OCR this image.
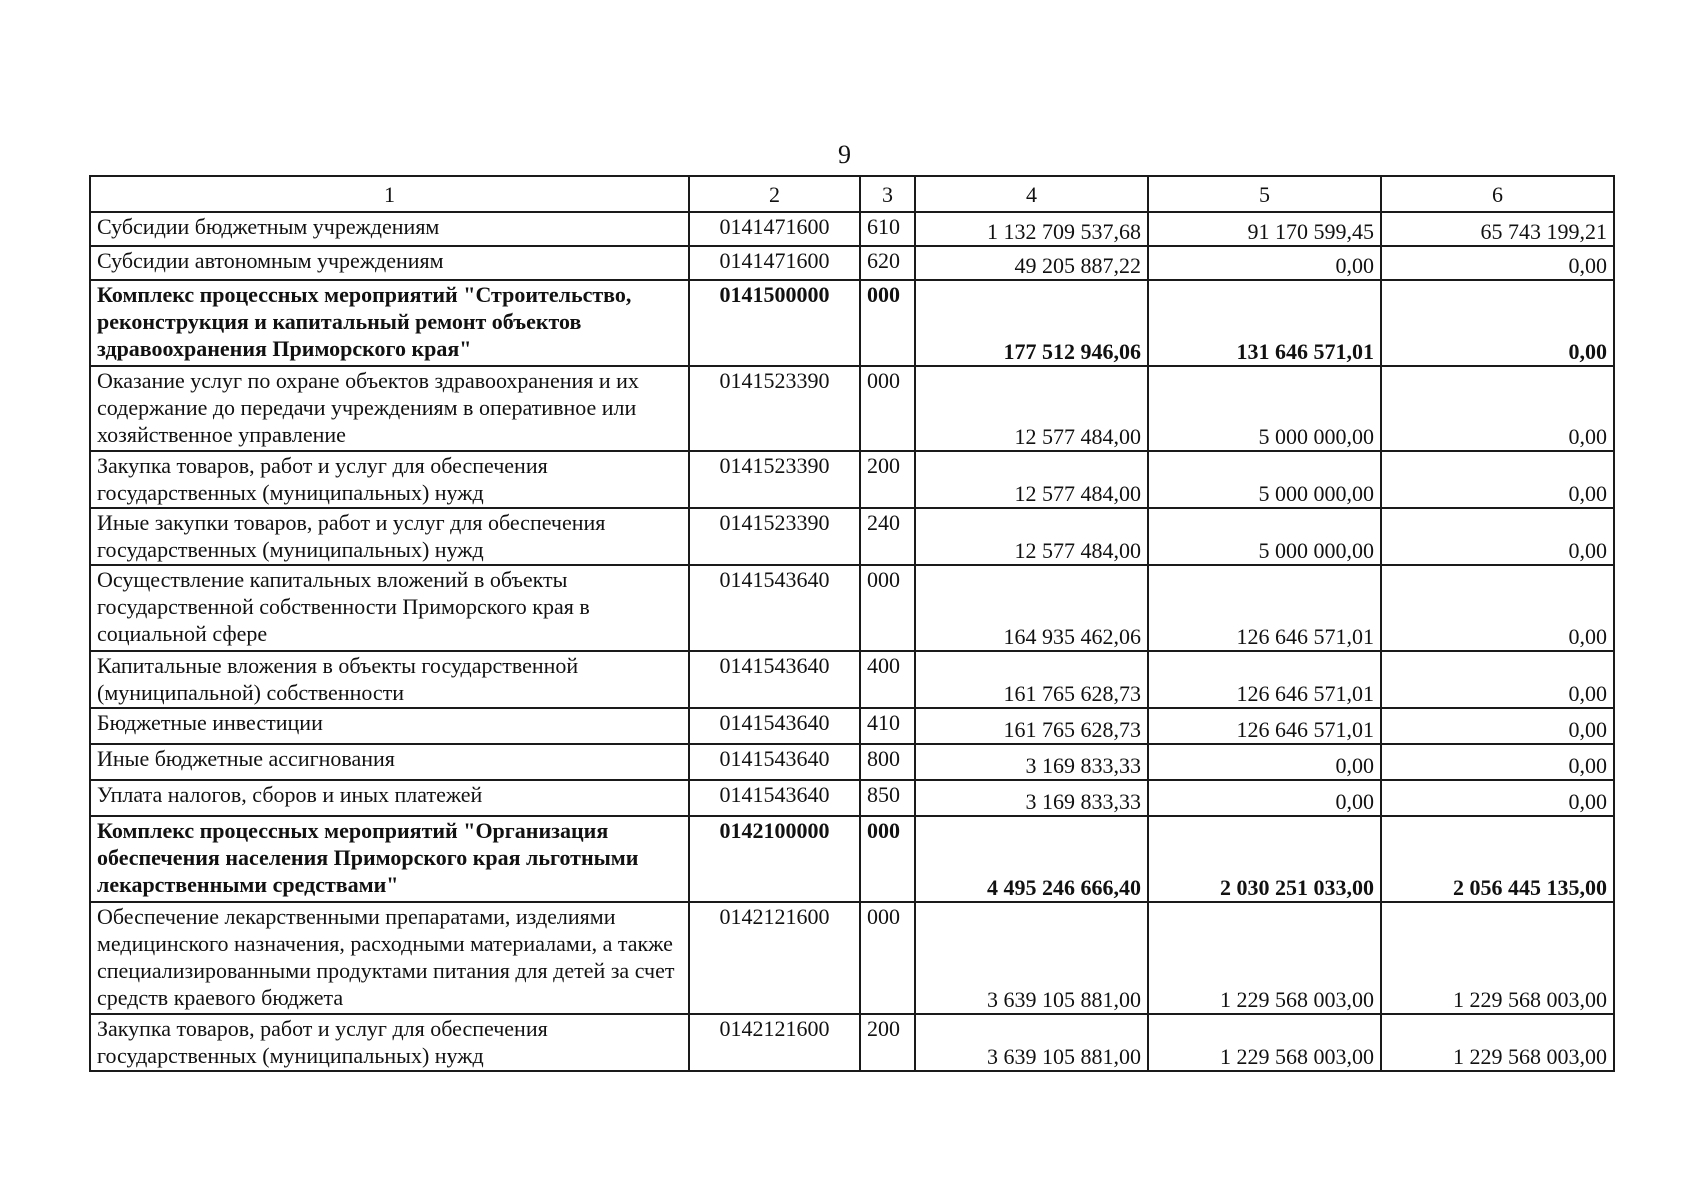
9
1	2	3	4	5	6
Субсидии бюджетным учреждениям	0141471600	610	1 132 709 537,68	91 170 599,45	65 743 199,21
Субсидии автономным учреждениям	0141471600	620	49 205 887,22	0,00	0,00
Комплекс процессных мероприятий "Строительство, реконструкция и капитальный ремонт объектов здравоохранения Приморского края"	0141500000	000	177 512 946,06	131 646 571,01	0,00
Оказание услуг по охране объектов здравоохранения и их содержание до передачи учреждениям в оперативное или хозяйственное управление	0141523390	000	12 577 484,00	5 000 000,00	0,00
Закупка товаров, работ и услуг для обеспечения государственных (муниципальных) нужд	0141523390	200	12 577 484,00	5 000 000,00	0,00
Иные закупки товаров, работ и услуг для обеспечения государственных (муниципальных) нужд	0141523390	240	12 577 484,00	5 000 000,00	0,00
Осуществление капитальных вложений в объекты государственной собственности Приморского края в социальной сфере	0141543640	000	164 935 462,06	126 646 571,01	0,00
Капитальные вложения в объекты государственной (муниципальной) собственности	0141543640	400	161 765 628,73	126 646 571,01	0,00
Бюджетные инвестиции	0141543640	410	161 765 628,73	126 646 571,01	0,00
Иные бюджетные ассигнования	0141543640	800	3 169 833,33	0,00	0,00
Уплата налогов, сборов и иных платежей	0141543640	850	3 169 833,33	0,00	0,00
Комплекс процессных мероприятий "Организация обеспечения населения Приморского края льготными лекарственными средствами"	0142100000	000	4 495 246 666,40	2 030 251 033,00	2 056 445 135,00
Обеспечение лекарственными препаратами, изделиями медицинского назначения, расходными материалами, а также специализированными продуктами питания для детей за счет средств краевого бюджета	0142121600	000	3 639 105 881,00	1 229 568 003,00	1 229 568 003,00
Закупка товаров, работ и услуг для обеспечения государственных (муниципальных) нужд	0142121600	200	3 639 105 881,00	1 229 568 003,00	1 229 568 003,00
